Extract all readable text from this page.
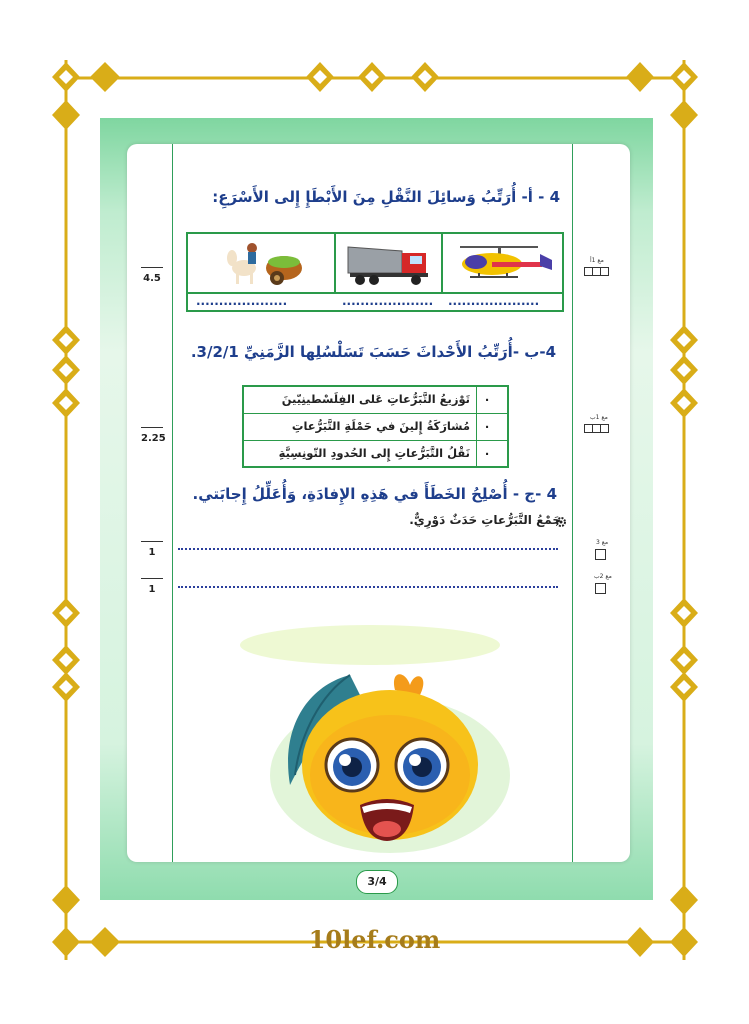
4 - أ- أُرَتِّبُ وَسائِلَ النَّقْلِ مِنَ الأَبْطَإِ إِلى الأَسْرَعِ:
....................	.................... ....................
4.5
مع 1أ
4-ب -أُرَتِّبُ الأَحْداثَ حَسَبَ تَسَلْسُلِها الزَّمَنِيِّ 3/2/1.
.
تَوْزيعُ التَّبَرُّعاتِ عَلى الفِلَسْطينِيّينَ
.
مُشارَكَةُ إِلينَ في حَمْلَةِ التَّبَرُّعاتِ
.
نَقْلُ التَّبَرُّعاتِ إِلى الحُدودِ التّونِسِيَّةِ
2.25
مع 1ب
4 -ج - أُصْلِحُ الخَطَأَ في هَذِهِ الإِفادَةِ، وَأُعَلِّلُ إِجابَتي.
جَمْعُ التَّبَرُّعاتِ حَدَثٌ دَوْرِيٌّ.
1
1
مع 3
مع 2ب
3/4
10lef.com
